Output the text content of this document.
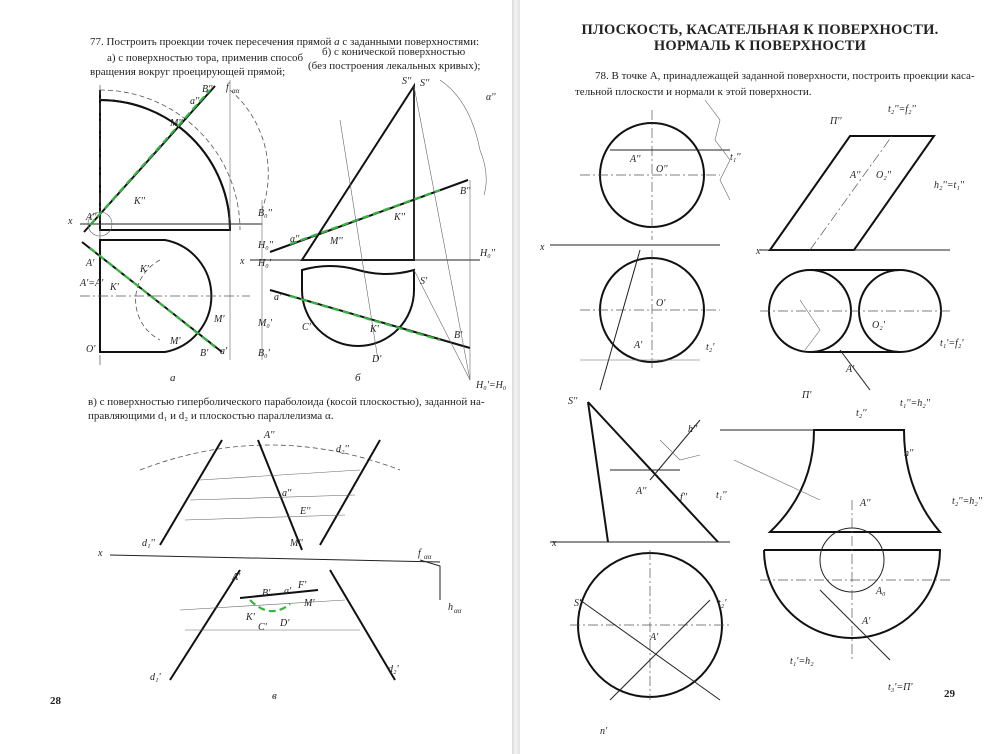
77. Построить проекции точек пересечения прямой a с заданными поверхностями:
а) с поверхностью тора, применив способ
вращения вокруг проецирующей прямой;
б) с конической поверхностью
(без построения лекальных кривых);
в) с поверхностью гиперболического параболоида (косой плоскостью), заданной на-
правляющими d₁ и d₂ и плоскостью параллелизма α.
а	б
в
28
B'' f αα
a''
M''
A''
K''
x
A'
A'=A' K'
K'
M'
M'
B' a'
O'
B₀''
H₀''
H₀'
M₀'
B₀'
S'' S''
α''
B''
K''
M''
a''
x
S'
a'
C'	K'
B'
D'
H₀''
H₀'=H₀
A''
d₂''
a''
E''
M''
d₁''
x	f αα
h αα
A'
B' a'
F'
K'
M'
C' D'
d₁'
d₂'
ПЛОСКОСТЬ, КАСАТЕЛЬНАЯ К ПОВЕРХНОСТИ.
НОРМАЛЬ К ПОВЕРХНОСТИ
78. В точке A, принадлежащей заданной поверхности, построить проекции каса-
тельной плоскости и нормали к этой поверхности.
29
O''
A''	t₁''
x
O'
A'	t₂'
Π''
t₂''=f₂''
A'' O₂''
h₂''=t₁''
x
O₂'
A'
t₁'=f₂'
Π'
S''
h''
A''
f''	t₁''
x
S'	t₂'
A'
n'
t₂''
t₁''=h₂''
n''
A''	t₂''=h₂''
A₀
A'
t₁'=h₂
t₃'=Π'
